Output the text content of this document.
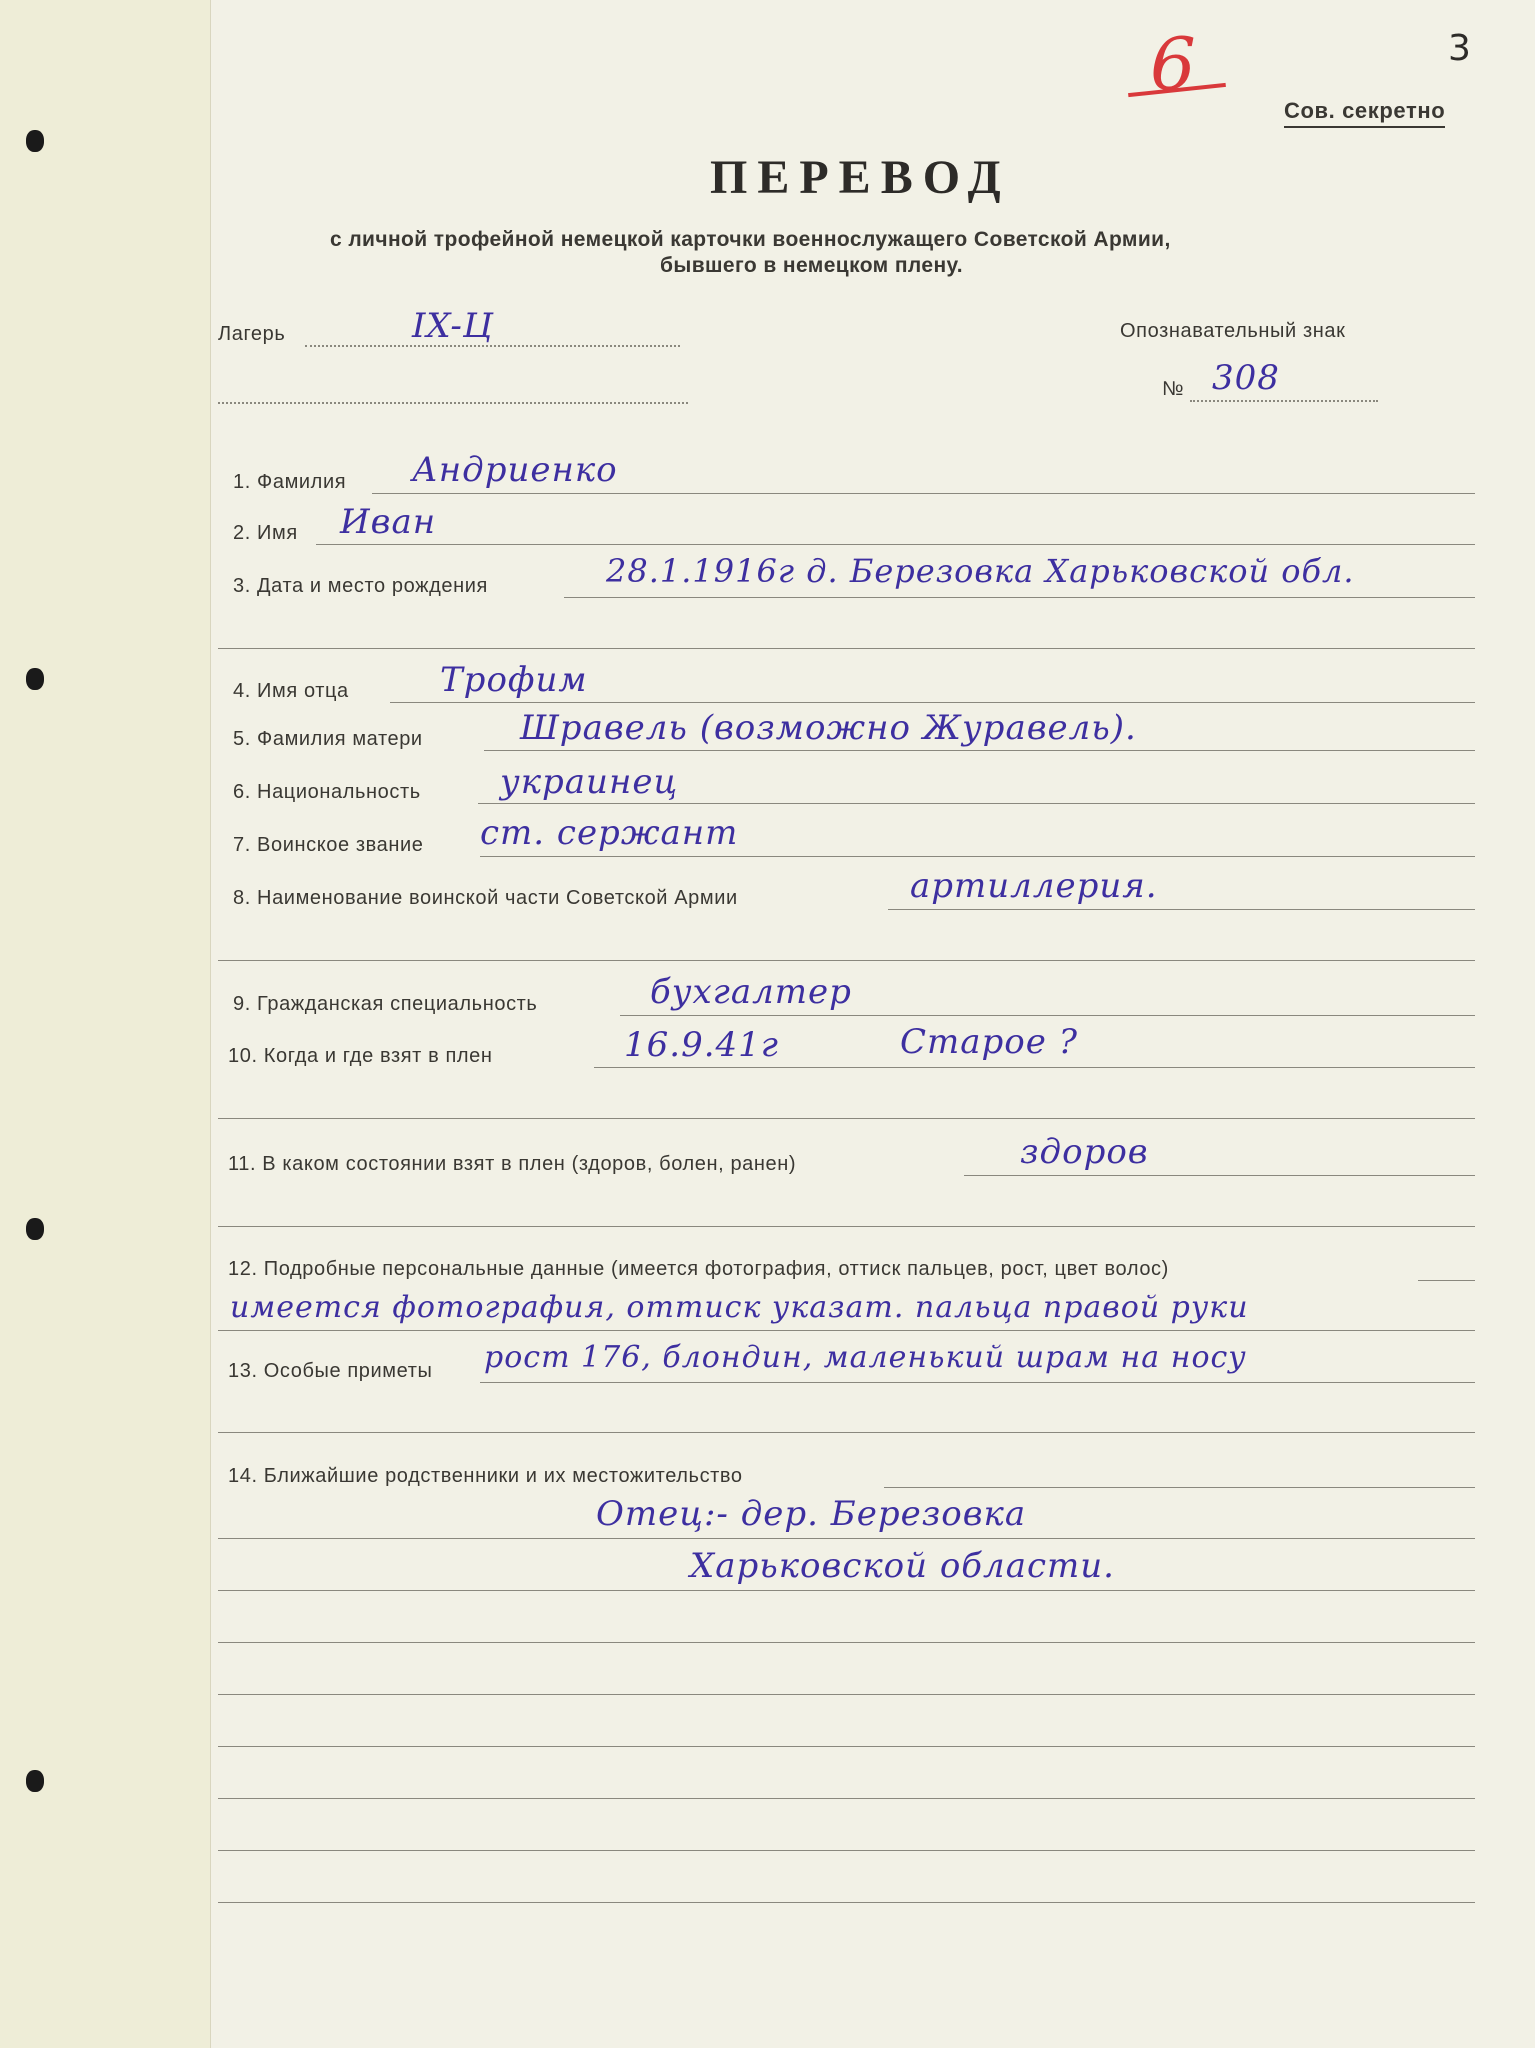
3
6
Сов. секретно
ПЕРЕВОД
с личной трофейной немецкой карточки военнослужащего Советской Армии,
бывшего в немецком плену.
Лагерь	IX-Ц	Опознавательный знак
№ 308
1. Фамилия Андриенко
2. Имя Иван
3. Дата и место рождения	28.1.1916г д. Березовка Харьковской обл.
4. Имя отца	Трофим
5. Фамилия матери	Шравель (возможно Журавель).
6. Национальность украинец
7. Воинское звание ст. сержант
8. Наименование воинской части Советской Армии	артиллерия.
9. Гражданская специальность	бухгалтер
10. Когда и где взят в плен	16.9.41г	Старое ?
11. В каком состоянии взят в плен (здоров, болен, ранен)	здоров
12. Подробные персональные данные (имеется фотография, оттиск пальцев, рост, цвет волос)
имеется фотография, оттиск указат. пальца правой руки
13. Особые приметы рост 176, блондин, маленький шрам на носу
14. Ближайшие родственники и их местожительство
Отец:- дер. Березовка
Харьковской области.
